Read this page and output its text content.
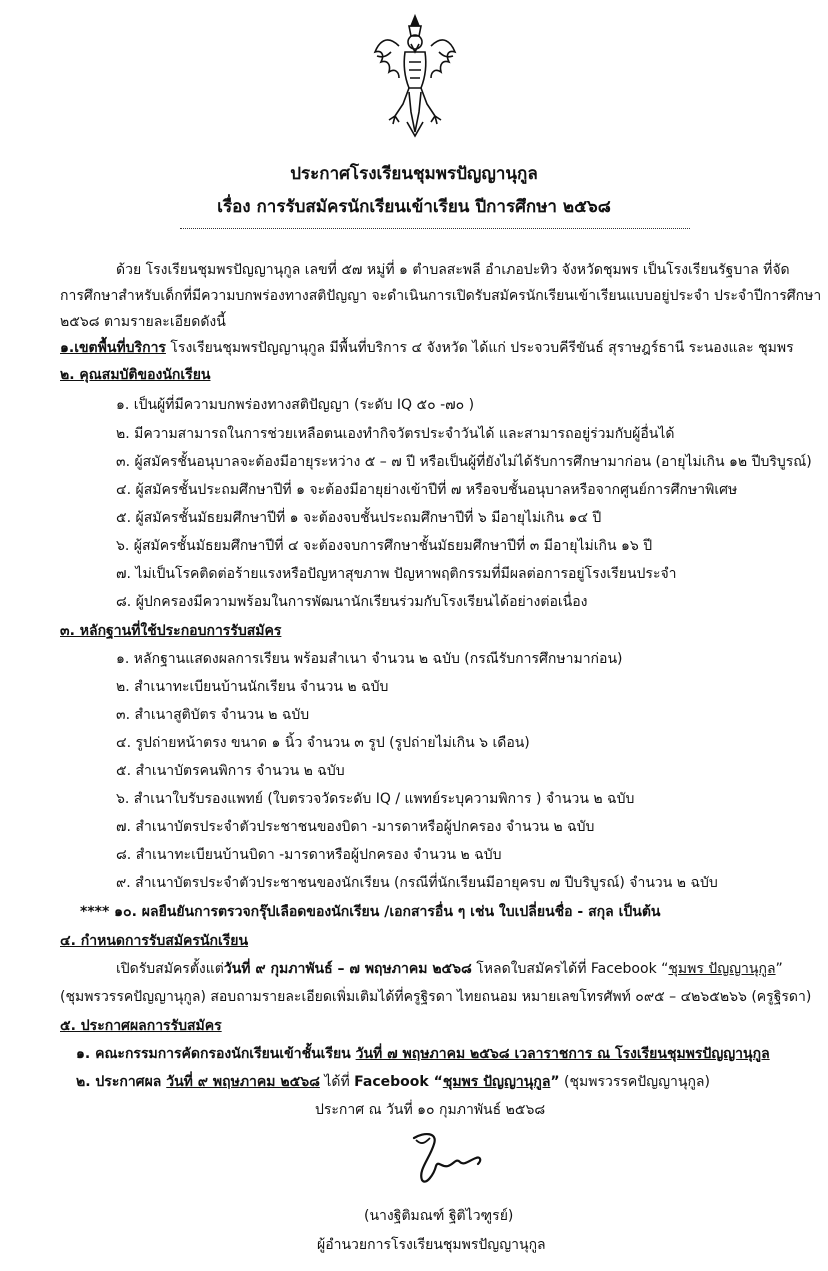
ประกาศโรงเรียนชุมพรปัญญานุกูล
เรื่อง การรับสมัครนักเรียนเข้าเรียน ปีการศึกษา ๒๕๖๘
ด้วย โรงเรียนชุมพรปัญญานุกูล เลขที่ ๕๗ หมู่ที่ ๑ ตำบลสะพลี อำเภอปะทิว จังหวัดชุมพร เป็นโรงเรียนรัฐบาล ที่จัด
การศึกษาสำหรับเด็กที่มีความบกพร่องทางสติปัญญา จะดำเนินการเปิดรับสมัครนักเรียนเข้าเรียนแบบอยู่ประจำ ประจำปีการศึกษา
๒๕๖๘ ตามรายละเอียดดังนี้
๑.เขตพื้นที่บริการ โรงเรียนชุมพรปัญญานุกูล มีพื้นที่บริการ ๔ จังหวัด ได้แก่ ประจวบคีรีขันธ์ สุราษฎร์ธานี ระนองและ ชุมพร
๒. คุณสมบัติของนักเรียน
๑. เป็นผู้ที่มีความบกพร่องทางสติปัญญา (ระดับ IQ ๕๐ -๗๐ )
๒. มีความสามารถในการช่วยเหลือตนเองทำกิจวัตรประจำวันได้ และสามารถอยู่ร่วมกับผู้อื่นได้
๓. ผู้สมัครชั้นอนุบาลจะต้องมีอายุระหว่าง ๕ – ๗ ปี หรือเป็นผู้ที่ยังไม่ได้รับการศึกษามาก่อน (อายุไม่เกิน ๑๒ ปีบริบูรณ์)
๔. ผู้สมัครชั้นประถมศึกษาปีที่ ๑ จะต้องมีอายุย่างเข้าปีที่ ๗ หรือจบชั้นอนุบาลหรือจากศูนย์การศึกษาพิเศษ
๕. ผู้สมัครชั้นมัธยมศึกษาปีที่ ๑ จะต้องจบชั้นประถมศึกษาปีที่ ๖ มีอายุไม่เกิน ๑๔ ปี
๖. ผู้สมัครชั้นมัธยมศึกษาปีที่ ๔ จะต้องจบการศึกษาชั้นมัธยมศึกษาปีที่ ๓ มีอายุไม่เกิน ๑๖ ปี
๗. ไม่เป็นโรคติดต่อร้ายแรงหรือปัญหาสุขภาพ ปัญหาพฤติกรรมที่มีผลต่อการอยู่โรงเรียนประจำ
๘. ผู้ปกครองมีความพร้อมในการพัฒนานักเรียนร่วมกับโรงเรียนได้อย่างต่อเนื่อง
๓. หลักฐานที่ใช้ประกอบการรับสมัคร
๑. หลักฐานแสดงผลการเรียน พร้อมสำเนา จำนวน ๒ ฉบับ (กรณีรับการศึกษามาก่อน)
๒. สำเนาทะเบียนบ้านนักเรียน จำนวน ๒ ฉบับ
๓. สำเนาสูติบัตร จำนวน ๒ ฉบับ
๔. รูปถ่ายหน้าตรง ขนาด ๑ นิ้ว จำนวน ๓ รูป (รูปถ่ายไม่เกิน ๖ เดือน)
๕. สำเนาบัตรคนพิการ จำนวน ๒ ฉบับ
๖. สำเนาใบรับรองแพทย์ (ใบตรวจวัดระดับ IQ / แพทย์ระบุความพิการ ) จำนวน ๒ ฉบับ
๗. สำเนาบัตรประจำตัวประชาชนของบิดา -มารดาหรือผู้ปกครอง จำนวน ๒ ฉบับ
๘. สำเนาทะเบียนบ้านบิดา -มารดาหรือผู้ปกครอง จำนวน ๒ ฉบับ
๙. สำเนาบัตรประจำตัวประชาชนของนักเรียน (กรณีที่นักเรียนมีอายุครบ ๗ ปีบริบูรณ์) จำนวน ๒ ฉบับ
**** ๑๐. ผลยืนยันการตรวจกรุ๊ปเลือดของนักเรียน /เอกสารอื่น ๆ เช่น ใบเปลี่ยนชื่อ - สกุล เป็นต้น
๔. กำหนดการรับสมัครนักเรียน
เปิดรับสมัครตั้งแต่วันที่ ๙ กุมภาพันธ์ – ๗ พฤษภาคม ๒๕๖๘ โหลดใบสมัครได้ที่ Facebook “ชุมพร ปัญญานุกูล”
(ชุมพรวรรคปัญญานุกูล) สอบถามรายละเอียดเพิ่มเติมได้ที่ครูฐิรดา ไทยถนอม หมายเลขโทรศัพท์ ๐๙๕ – ๔๒๖๕๒๖๖ (ครูฐิรดา)
๕. ประกาศผลการรับสมัคร
๑. คณะกรรมการคัดกรองนักเรียนเข้าชั้นเรียน วันที่ ๗ พฤษภาคม ๒๕๖๘ เวลาราชการ ณ โรงเรียนชุมพรปัญญานุกูล
๒. ประกาศผล วันที่ ๙ พฤษภาคม ๒๕๖๘ ได้ที่ Facebook “ชุมพร ปัญญานุกูล” (ชุมพรวรรคปัญญานุกูล)
ประกาศ ณ วันที่ ๑๐ กุมภาพันธ์ ๒๕๖๘
(นางฐิติมณฑ์ ฐิติไวฑูรย์)
ผู้อำนวยการโรงเรียนชุมพรปัญญานุกูล
